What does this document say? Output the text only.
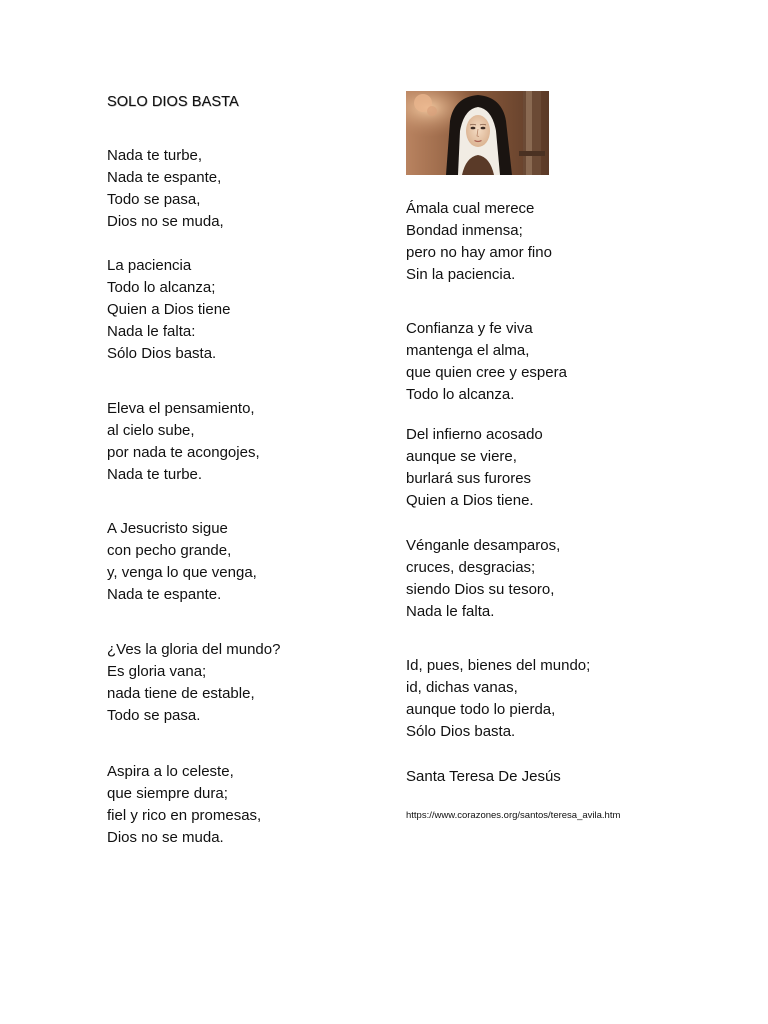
SOLO DIOS BASTA
Nada te turbe,
Nada te espante,
Todo se pasa,
Dios no se muda,
La paciencia
Todo lo alcanza;
Quien a Dios tiene
Nada le falta:
Sólo Dios basta.
Eleva el pensamiento,
al cielo sube,
por nada te acongojes,
Nada te turbe.
A Jesucristo sigue
con pecho grande,
y, venga lo que venga,
Nada te espante.
¿Ves la gloria del mundo?
Es gloria vana;
nada tiene de estable,
Todo se pasa.
Aspira a lo celeste,
que siempre dura;
fiel y rico en promesas,
Dios no se muda.
Ámala cual merece
Bondad inmensa;
pero no hay amor fino
Sin la paciencia.
Confianza y fe viva
mantenga el alma,
que quien cree y espera
Todo lo alcanza.
Del infierno acosado
aunque se viere,
burlará sus furores
Quien a Dios tiene.
Vénganle desamparos,
cruces, desgracias;
siendo Dios su tesoro,
Nada le falta.
Id, pues, bienes del mundo;
id, dichas vanas,
aunque todo lo pierda,
Sólo Dios basta.
Santa Teresa De Jesús
https://www.corazones.org/santos/teresa_avila.htm
